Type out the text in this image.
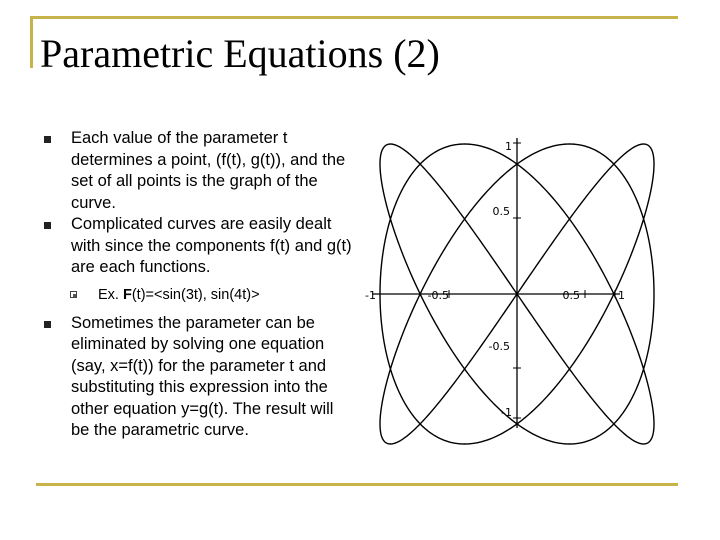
Parametric Equations (2)
Each value of the parameter t determines a point, (f(t), g(t)), and the set of all points is the graph of the curve.
Complicated curves are easily dealt with since the components f(t) and g(t) are each functions.
Ex. F(t)=<sin(3t), sin(4t)>
Sometimes the parameter can be eliminated by solving one equation (say, x=f(t)) for the parameter t and substituting this expression into the other equation y=g(t). The result will be the parametric curve.
-1	-0.5	0.5	1
1
0.5
-0.5
-1
